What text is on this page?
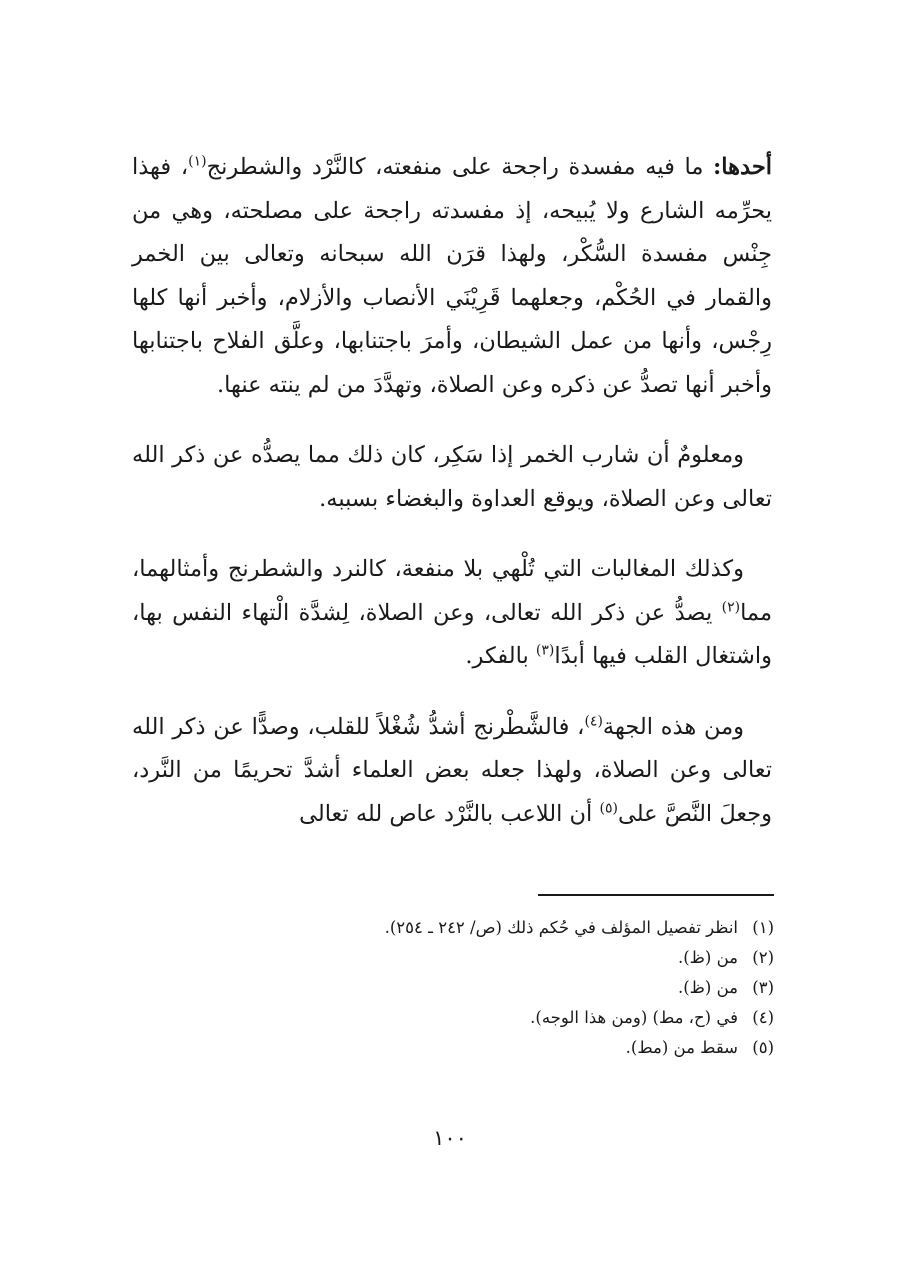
أحدها: ما فيه مفسدة راجحة على منفعته، كالنَّرْد والشطرنج$^{(١)}$، فهذا يحرِّمه الشارع ولا يُبيحه، إذ مفسدته راجحة على مصلحته، وهي من جِنْس مفسدة السُّكْر، ولهذا قرَن الله سبحانه وتعالى بين الخمر والقمار في الحُكْم، وجعلهما قَرِيْنَي الأنصاب والأزلام، وأخبر أنها كلها رِجْس، وأنها من عمل الشيطان، وأمرَ باجتنابها، وعلَّق الفلاح باجتنابها وأخبر أنها تصدُّ عن ذكره وعن الصلاة، وتهدَّدَ من لم ينته عنها.

ومعلومٌ أن شارب الخمر إذا سَكِر، كان ذلك مما يصدُّه عن ذكر الله تعالى وعن الصلاة، ويوقع العداوة والبغضاء بسببه.

وكذلك المغالبات التي تُلْهي بلا منفعة، كالنرد والشطرنج وأمثالهما، مما$^{(٢)}$ يصدُّ عن ذكر الله تعالى، وعن الصلاة، لِشدَّة الْتهاء النفس بها، واشتغال القلب فيها أبدًا$^{(٣)}$ بالفكر.

ومن هذه الجهة$^{(٤)}$، فالشَّطْرنج أشدُّ شُغْلاً للقلب، وصدًّا عن ذكر الله تعالى وعن الصلاة، ولهذا جعله بعض العلماء أشدَّ تحريمًا من النَّرد، وجعلَ النَّصَّ على$^{(٥)}$ أن اللاعب بالنَّرْد عاص لله تعالى

(١)انظر تفصيل المؤلف في حُكم ذلك (ص/ ٢٤٢ ـ ٢٥٤).

(٢)من (ظ).

(٣)من (ظ).

(٤)في (ح، مط) (ومن هذا الوجه).

(٥)سقط من (مط).

١٠٠
